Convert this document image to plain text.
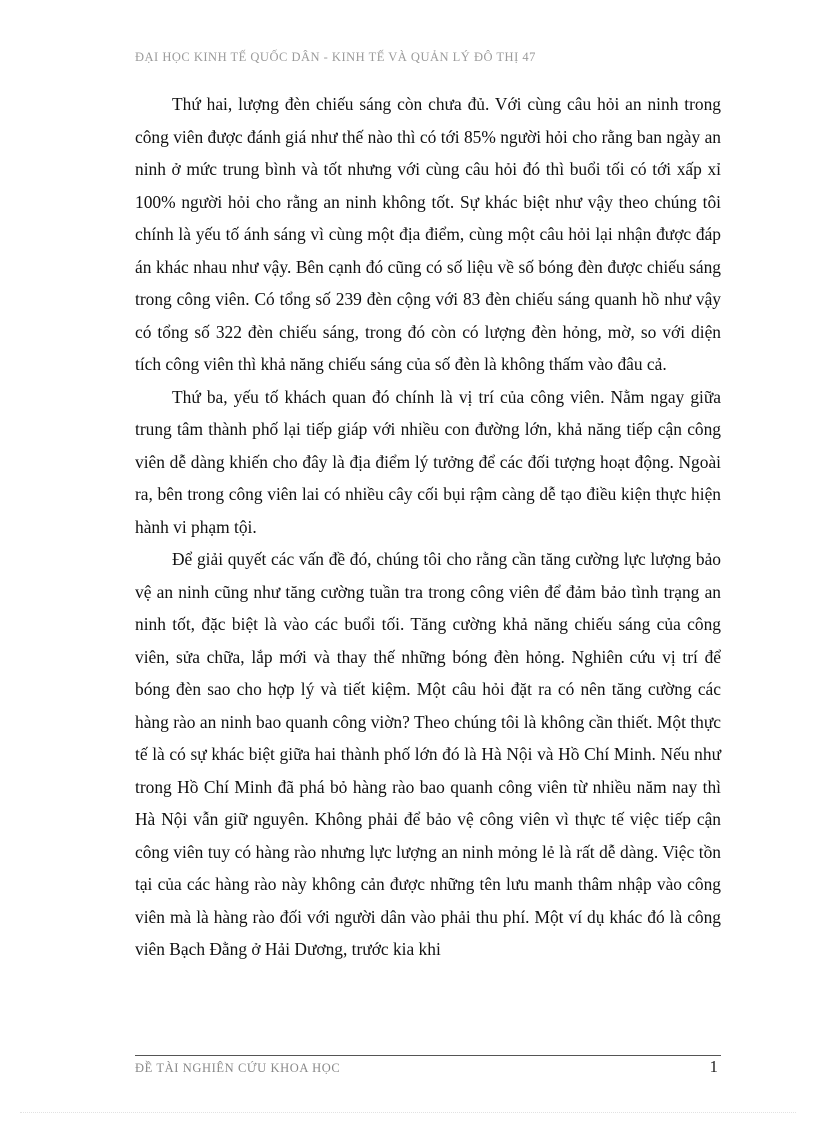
ĐẠI HỌC KINH TẾ QUỐC DÂN - KINH TẾ VÀ QUẢN LÝ ĐÔ THỊ 47

Thứ hai, lượng đèn chiếu sáng còn chưa đủ. Với cùng câu hỏi an ninh trong công viên được đánh giá như thế nào thì có tới 85% người hỏi cho rằng ban ngày an ninh ở mức trung bình và tốt nhưng với cùng câu hỏi đó thì buổi tối có tới xấp xỉ 100% người hỏi cho rằng an ninh không tốt. Sự khác biệt như vậy theo chúng tôi chính là yếu tố ánh sáng vì cùng một địa điểm, cùng một câu hỏi lại nhận được đáp án khác nhau như vậy. Bên cạnh đó cũng có số liệu về số bóng đèn được chiếu sáng trong công viên. Có tổng số 239 đèn cộng với 83 đèn chiếu sáng quanh hồ như vậy có tổng số 322 đèn chiếu sáng, trong đó còn có lượng đèn hỏng, mờ, so với diện tích công viên thì khả năng chiếu sáng của số đèn là không thấm vào đâu cả.

Thứ ba, yếu tố khách quan đó chính là vị trí của công viên. Nằm ngay giữa trung tâm thành phố lại tiếp giáp với nhiều con đường lớn, khả năng tiếp cận công viên dễ dàng khiến cho đây là địa điểm lý tưởng để các đối tượng hoạt động. Ngoài ra, bên trong công viên lai có nhiều cây cối bụi rậm càng dễ tạo điều kiện thực hiện hành vi phạm tội.

Để giải quyết các vấn đề đó, chúng tôi cho rằng cần tăng cường lực lượng bảo vệ an ninh cũng như tăng cường tuần tra trong công viên để đảm bảo tình trạng an ninh tốt, đặc biệt là vào các buổi tối. Tăng cường khả năng chiếu sáng của công viên, sửa chữa, lắp mới và thay thế những bóng đèn hỏng. Nghiên cứu vị trí để bóng đèn sao cho hợp lý và tiết kiệm. Một câu hỏi đặt ra có nên tăng cường các hàng rào an ninh bao quanh công viờn? Theo chúng tôi là không cần thiết. Một thực tế là có sự khác biệt giữa hai thành phố lớn đó là Hà Nội và Hồ Chí Minh. Nếu như trong Hồ Chí Minh đã phá bỏ hàng rào bao quanh công viên từ nhiều năm nay thì Hà Nội vẫn giữ nguyên. Không phải để bảo vệ công viên vì thực tế việc tiếp cận công viên tuy có hàng rào nhưng lực lượng an ninh mỏng lẻ là rất dễ dàng. Việc tồn tại của các hàng rào này không cản được những tên lưu manh thâm nhập vào công viên mà là hàng rào đối với người dân vào phải thu phí. Một ví dụ khác đó là công viên Bạch Đằng ở Hải Dương, trước kia khi

ĐỀ TÀI NGHIÊN CỨU KHOA HỌC	1
